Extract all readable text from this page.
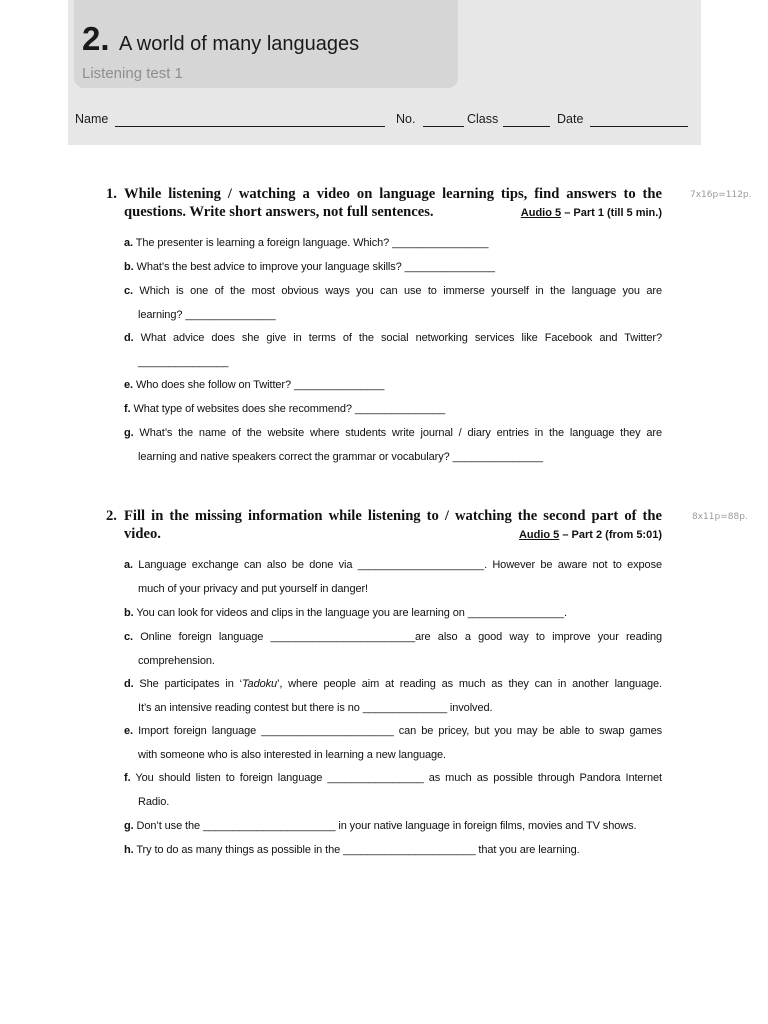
2. A world of many languages
Listening test 1
Name	No.	Class	Date
7x16p=112p.
1. While listening / watching a video on language learning tips, find answers to the
questions. Write short answers, not full sentences.	Audio 5 – Part 1 (till 5 min.)
a. The presenter is learning a foreign language. Which? ________________
b. What’s the best advice to improve your language skills? _______________
c. Which is one of the most obvious ways you can use to immerse yourself in the language you are
learning? _______________
d. What advice does she give in terms of the social networking services like Facebook and Twitter?
_______________
e. Who does she follow on Twitter? _______________
f. What type of websites does she recommend? _______________
g. What’s the name of the website where students write journal / diary entries in the language they are
learning and native speakers correct the grammar or vocabulary? _______________
8x11p=88p.
2. Fill in the missing information while listening to / watching the second part of the
video.	Audio 5 – Part 2 (from 5:01)
a. Language exchange can also be done via _____________________. However be aware not to expose
much of your privacy and put yourself in danger!
b. You can look for videos and clips in the language you are learning on ________________.
c. Online foreign language ________________________are also a good way to improve your reading
comprehension.
d. She participates in ‘Tadoku’, where people aim at reading as much as they can in another language.
It’s an intensive reading contest but there is no ______________ involved.
e. Import foreign language ______________________ can be pricey, but you may be able to swap games
with someone who is also interested in learning a new language.
f. You should listen to foreign language ________________ as much as possible through Pandora Internet
Radio.
g. Don’t use the ______________________ in your native language in foreign films, movies and TV shows.
h. Try to do as many things as possible in the ______________________ that you are learning.
